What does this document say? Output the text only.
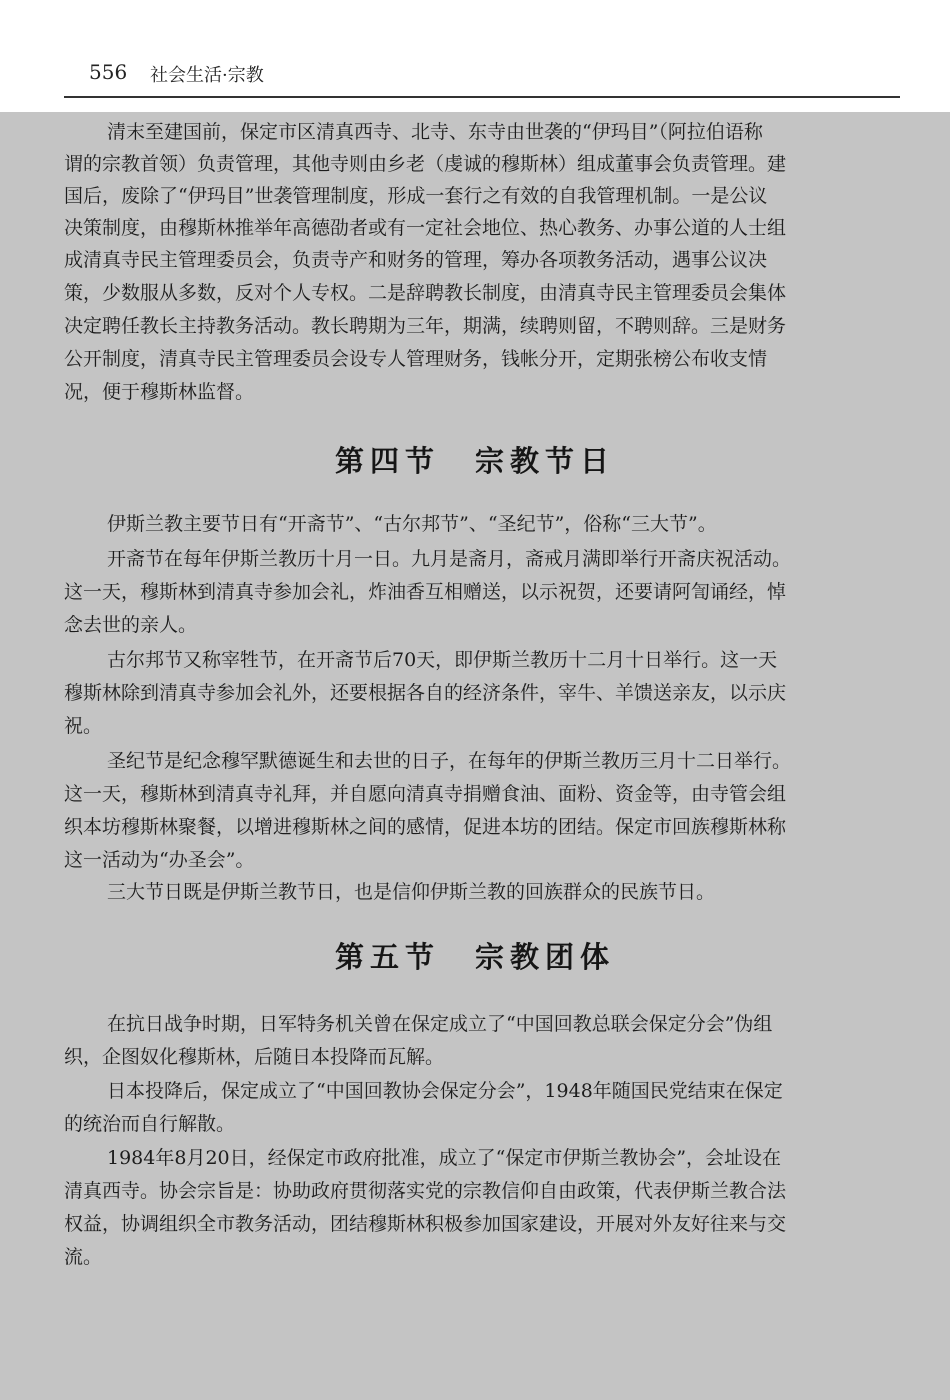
556 社会生活·宗教
清末至建国前，保定市区清真西寺、北寺、东寺由世袭的“伊玛目”（阿拉伯语称
谓的宗教首领）负责管理，其他寺则由乡老（虔诚的穆斯林）组成董事会负责管理。建
国后，废除了“伊玛目”世袭管理制度，形成一套行之有效的自我管理机制。一是公议
决策制度，由穆斯林推举年高德劭者或有一定社会地位、热心教务、办事公道的人士组
成清真寺民主管理委员会，负责寺产和财务的管理，筹办各项教务活动，遇事公议决
策，少数服从多数，反对个人专权。二是辞聘教长制度，由清真寺民主管理委员会集体
决定聘任教长主持教务活动。教长聘期为三年，期满，续聘则留，不聘则辞。三是财务
公开制度，清真寺民主管理委员会设专人管理财务，钱帐分开，定期张榜公布收支情
况，便于穆斯林监督。
第四节　宗教节日
伊斯兰教主要节日有“开斋节”、“古尔邦节”、“圣纪节”，俗称“三大节”。
开斋节在每年伊斯兰教历十月一日。九月是斋月，斋戒月满即举行开斋庆祝活动。
这一天，穆斯林到清真寺参加会礼，炸油香互相赠送，以示祝贺，还要请阿訇诵经，悼
念去世的亲人。
古尔邦节又称宰牲节，在开斋节后70天，即伊斯兰教历十二月十日举行。这一天
穆斯林除到清真寺参加会礼外，还要根据各自的经济条件，宰牛、羊馈送亲友，以示庆
祝。
圣纪节是纪念穆罕默德诞生和去世的日子，在每年的伊斯兰教历三月十二日举行。
这一天，穆斯林到清真寺礼拜，并自愿向清真寺捐赠食油、面粉、资金等，由寺管会组
织本坊穆斯林聚餐，以增进穆斯林之间的感情，促进本坊的团结。保定市回族穆斯林称
这一活动为“办圣会”。
三大节日既是伊斯兰教节日，也是信仰伊斯兰教的回族群众的民族节日。
第五节　宗教团体
在抗日战争时期，日军特务机关曾在保定成立了“中国回教总联会保定分会”伪组
织，企图奴化穆斯林，后随日本投降而瓦解。
日本投降后，保定成立了“中国回教协会保定分会”，1948年随国民党结束在保定
的统治而自行解散。
1984年8月20日，经保定市政府批准，成立了“保定市伊斯兰教协会”，会址设在
清真西寺。协会宗旨是：协助政府贯彻落实党的宗教信仰自由政策，代表伊斯兰教合法
权益，协调组织全市教务活动，团结穆斯林积极参加国家建设，开展对外友好往来与交
流。
